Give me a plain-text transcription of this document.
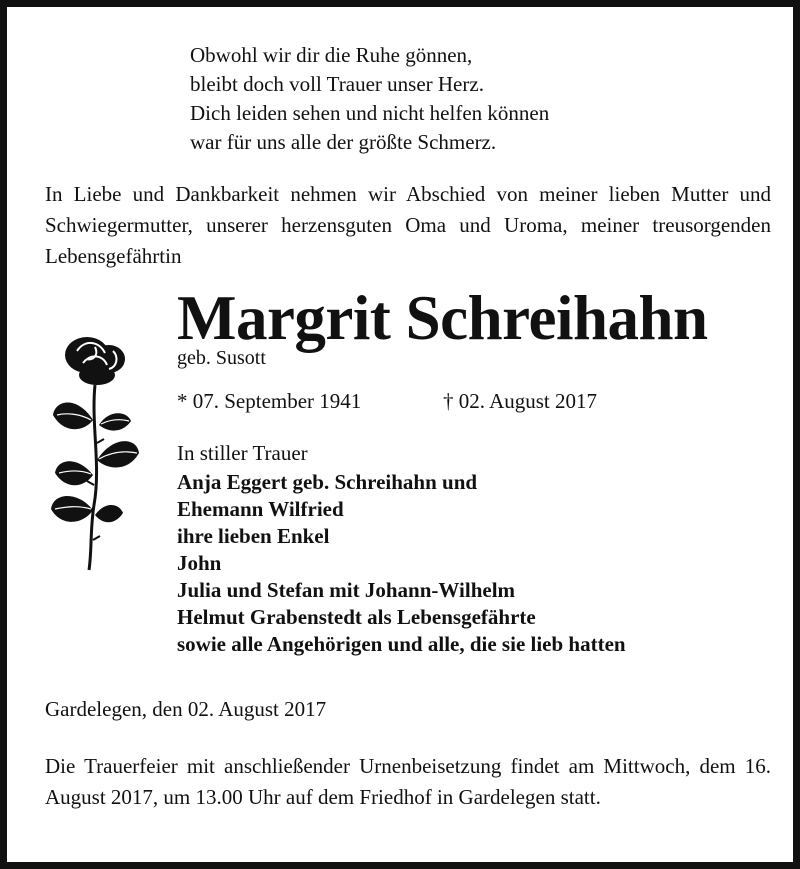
Obwohl wir dir die Ruhe gönnen,
bleibt doch voll Trauer unser Herz.
Dich leiden sehen und nicht helfen können
war für uns alle der größte Schmerz.
In Liebe und Dankbarkeit nehmen wir Abschied von meiner lieben Mutter und Schwiegermutter, unserer herzensguten Oma und Uroma, meiner treusorgenden Lebensgefährtin
Margrit Schreihahn
geb. Susott
* 07. September 1941	† 02. August 2017
In stiller Trauer
Anja Eggert geb. Schreihahn und
Ehemann Wilfried
ihre lieben Enkel
John
Julia und Stefan mit Johann-Wilhelm
Helmut Grabenstedt als Lebensgefährte
sowie alle Angehörigen und alle, die sie lieb hatten
Gardelegen, den 02. August 2017
Die Trauerfeier mit anschließender Urnenbeisetzung findet am Mittwoch, dem 16. August 2017, um 13.00 Uhr auf dem Friedhof in Gardelegen statt.
